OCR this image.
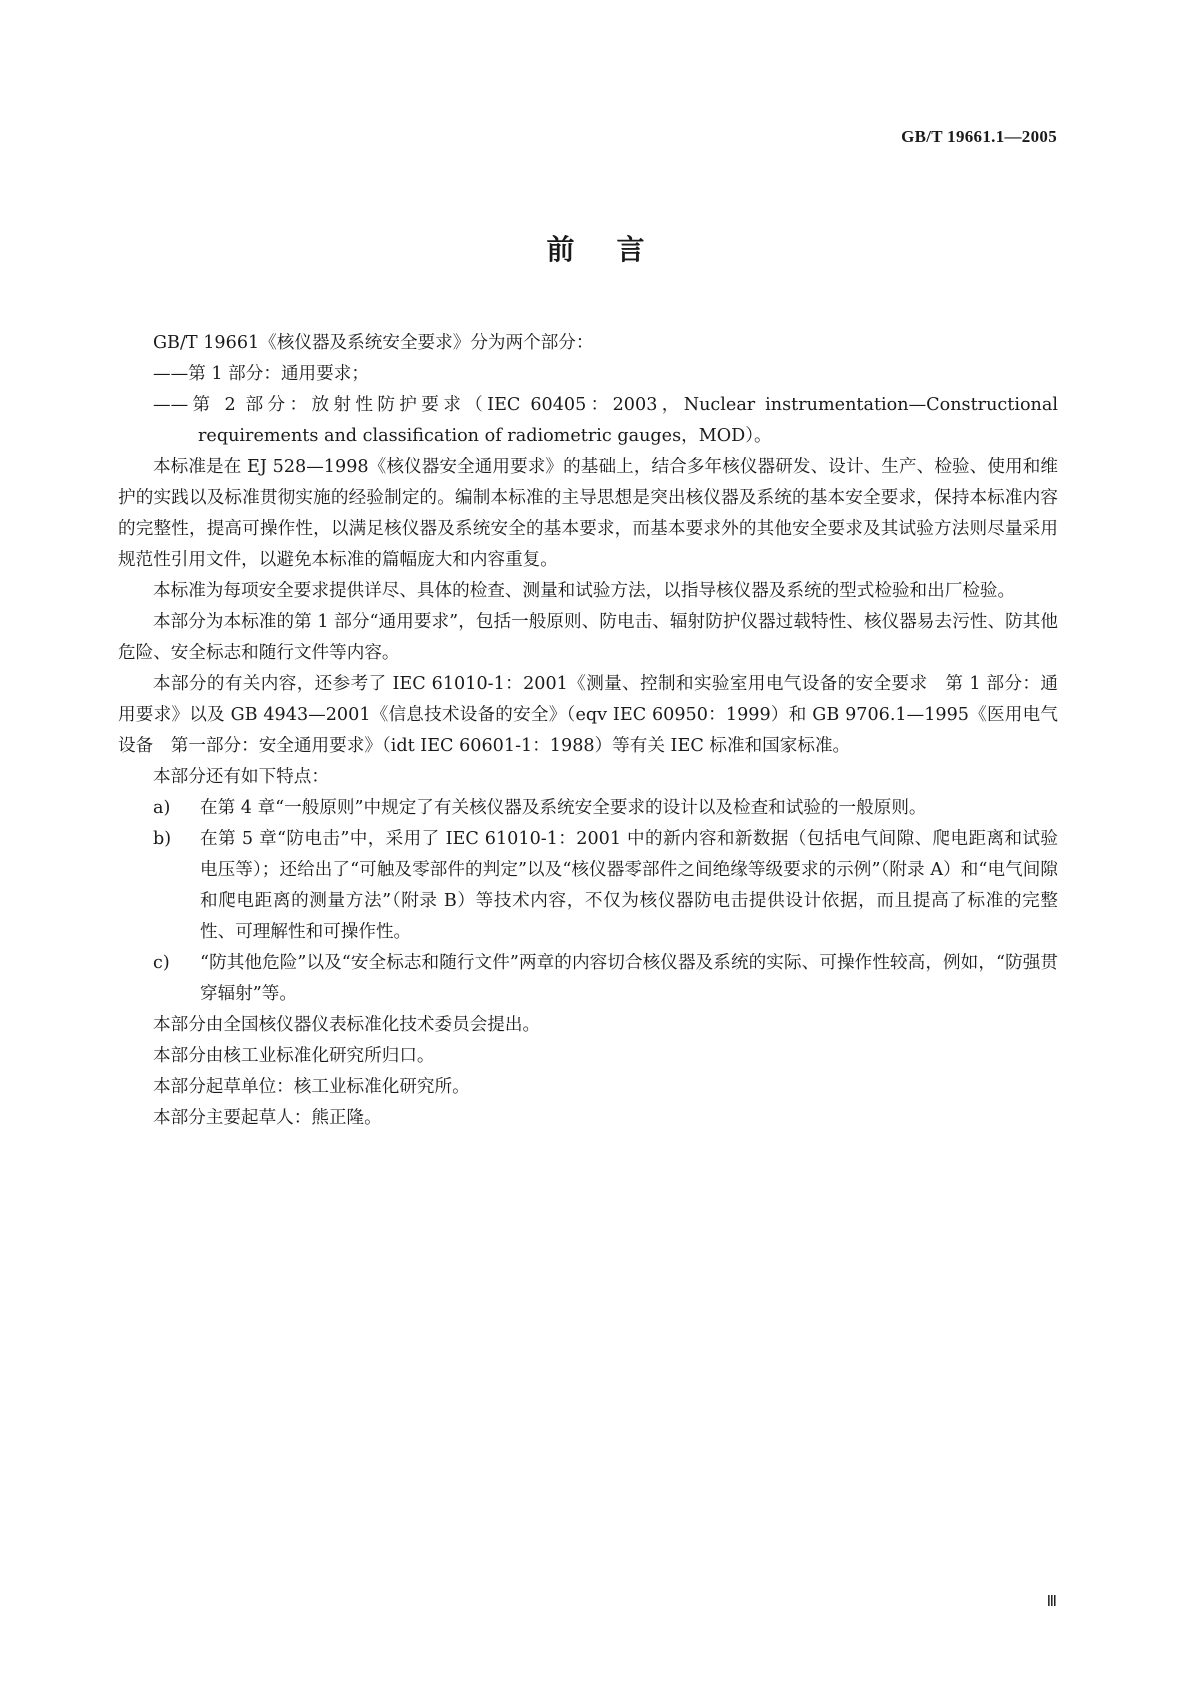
GB/T 19661.1—2005
前 言

GB/T 19661《核仪器及系统安全要求》分为两个部分：

——第 1 部分：通用要求；

——第 2 部分：放射性防护要求（IEC 60405：2003，Nuclear instrumentation—Constructional requirements and classification of radiometric gauges，MOD）。

本标准是在 EJ 528—1998《核仪器安全通用要求》的基础上，结合多年核仪器研发、设计、生产、检验、使用和维护的实践以及标准贯彻实施的经验制定的。编制本标准的主导思想是突出核仪器及系统的基本安全要求，保持本标准内容的完整性，提高可操作性，以满足核仪器及系统安全的基本要求，而基本要求外的其他安全要求及其试验方法则尽量采用规范性引用文件，以避免本标准的篇幅庞大和内容重复。

本标准为每项安全要求提供详尽、具体的检查、测量和试验方法，以指导核仪器及系统的型式检验和出厂检验。

本部分为本标准的第 1 部分“通用要求”，包括一般原则、防电击、辐射防护仪器过载特性、核仪器易去污性、防其他危险、安全标志和随行文件等内容。

本部分的有关内容，还参考了 IEC 61010-1：2001《测量、控制和实验室用电气设备的安全要求　第 1 部分：通用要求》以及 GB 4943—2001《信息技术设备的安全》（eqv IEC 60950：1999）和 GB 9706.1—1995《医用电气设备　第一部分：安全通用要求》（idt IEC 60601-1：1988）等有关 IEC 标准和国家标准。

本部分还有如下特点：

a) 在第 4 章“一般原则”中规定了有关核仪器及系统安全要求的设计以及检查和试验的一般原则。

b) 在第 5 章“防电击”中，采用了 IEC 61010-1：2001 中的新内容和新数据（包括电气间隙、爬电距离和试验电压等）；还给出了“可触及零部件的判定”以及“核仪器零部件之间绝缘等级要求的示例”（附录 A）和“电气间隙和爬电距离的测量方法”（附录 B）等技术内容，不仅为核仪器防电击提供设计依据，而且提高了标准的完整性、可理解性和可操作性。

c) “防其他危险”以及“安全标志和随行文件”两章的内容切合核仪器及系统的实际、可操作性较高，例如，“防强贯穿辐射”等。

本部分由全国核仪器仪表标准化技术委员会提出。

本部分由核工业标准化研究所归口。

本部分起草单位：核工业标准化研究所。

本部分主要起草人：熊正隆。

Ⅲ
